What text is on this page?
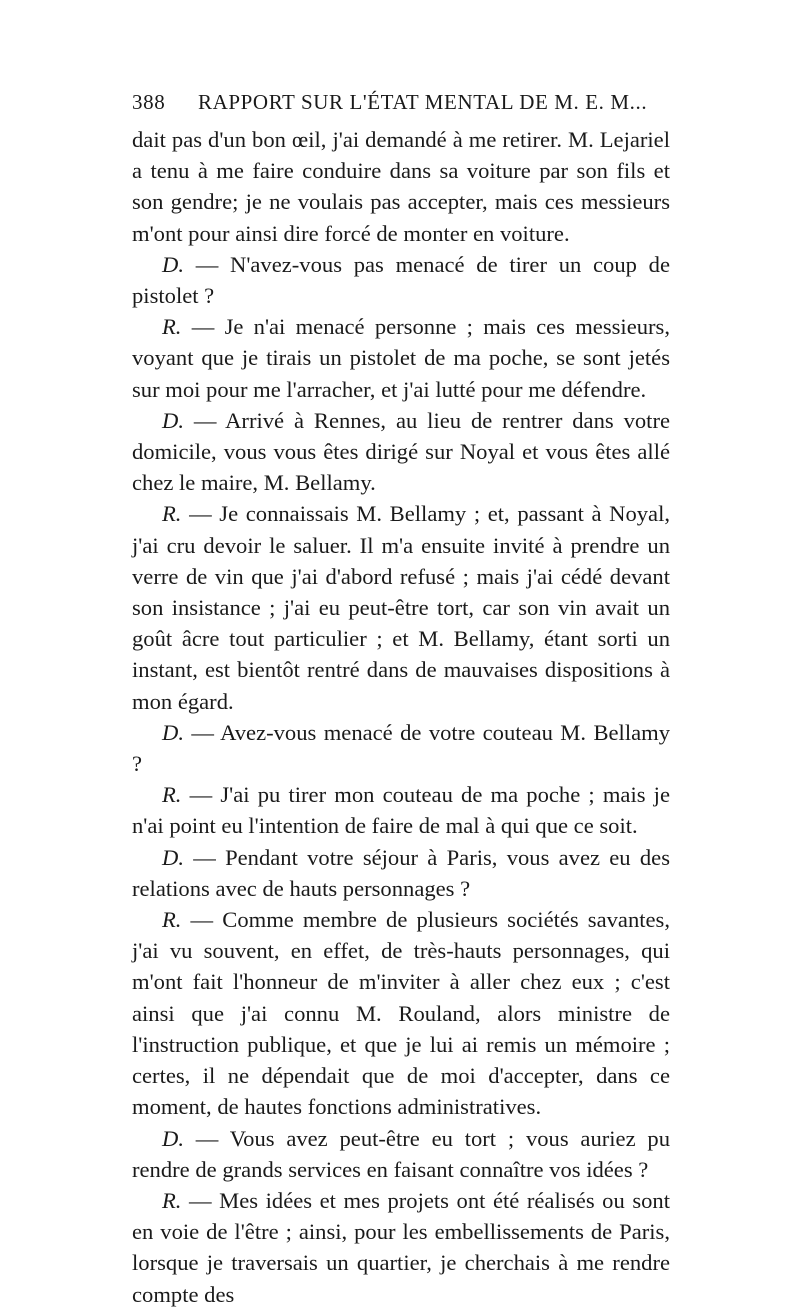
388	RAPPORT SUR L'ÉTAT MENTAL DE M. E. M...

dait pas d'un bon œil, j'ai demandé à me retirer. M. Lejariel a tenu à me faire conduire dans sa voiture par son fils et son gendre; je ne voulais pas accepter, mais ces messieurs m'ont pour ainsi dire forcé de monter en voiture.

D. — N'avez-vous pas menacé de tirer un coup de pistolet ?

R. — Je n'ai menacé personne ; mais ces messieurs, voyant que je tirais un pistolet de ma poche, se sont jetés sur moi pour me l'arracher, et j'ai lutté pour me défendre.

D. — Arrivé à Rennes, au lieu de rentrer dans votre domicile, vous vous êtes dirigé sur Noyal et vous êtes allé chez le maire, M. Bellamy.

R. — Je connaissais M. Bellamy ; et, passant à Noyal, j'ai cru devoir le saluer. Il m'a ensuite invité à prendre un verre de vin que j'ai d'abord refusé ; mais j'ai cédé devant son insistance ; j'ai eu peut-être tort, car son vin avait un goût âcre tout particulier ; et M. Bellamy, étant sorti un instant, est bientôt rentré dans de mauvaises dispositions à mon égard.

D. — Avez-vous menacé de votre couteau M. Bellamy ?

R. — J'ai pu tirer mon couteau de ma poche ; mais je n'ai point eu l'intention de faire de mal à qui que ce soit.

D. — Pendant votre séjour à Paris, vous avez eu des relations avec de hauts personnages ?

R. — Comme membre de plusieurs sociétés savantes, j'ai vu souvent, en effet, de très-hauts personnages, qui m'ont fait l'honneur de m'inviter à aller chez eux ; c'est ainsi que j'ai connu M. Rouland, alors ministre de l'instruction publique, et que je lui ai remis un mémoire ; certes, il ne dépendait que de moi d'accepter, dans ce moment, de hautes fonctions administratives.

D. — Vous avez peut-être eu tort ; vous auriez pu rendre de grands services en faisant connaître vos idées ?

R. — Mes idées et mes projets ont été réalisés ou sont en voie de l'être ; ainsi, pour les embellissements de Paris, lorsque je traversais un quartier, je cherchais à me rendre compte des
